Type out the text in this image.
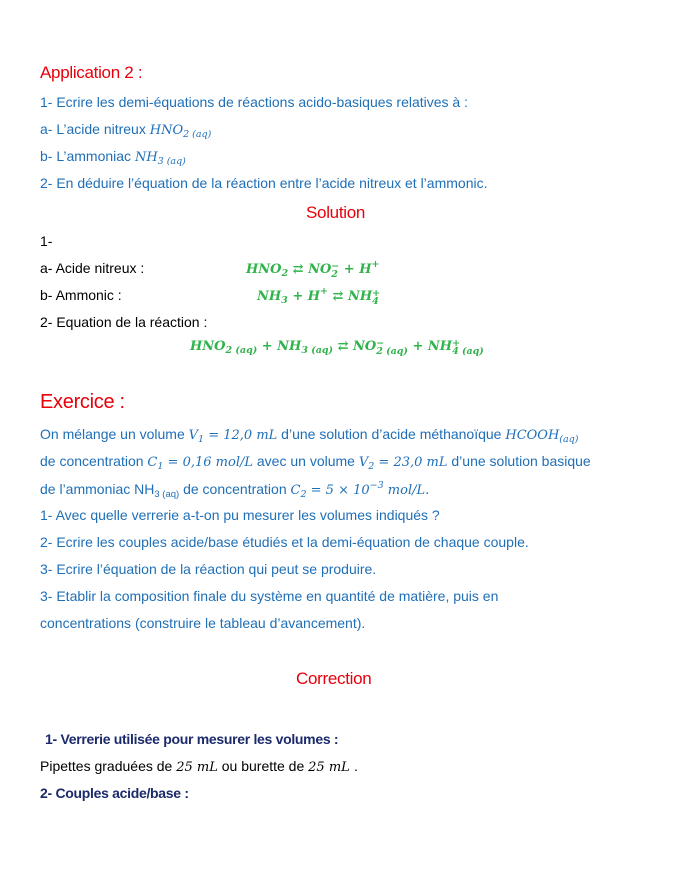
Application 2 :
1- Ecrire les demi-équations de réactions acido-basiques relatives à :
a- L’acide nitreux $HNO_{2 (aq)}$
b- L’ammoniac $NH_{3 (aq)}$
2- En déduire l’équation de la réaction entre l’acide nitreux et l’ammonic.
Solution
1-
a- Acide nitreux :	$HNO_2$ ⇄ NO −
2 + H+
b- Ammonic :	$NH_3 + H^+$ ⇄ NH +
4
2- Equation de la réaction :
$HNO_{2 (aq)} + NH_{3 (aq)}$ ⇄ NO −
2 (aq) + NH +
4 (aq)
Exercice :
On mélange un volume $V_1 = 12,0$ mL d’une solution d’acide méthanoïque $HCOOH_{(aq)}$
de concentration $C_1 = 0,16$ mol/L avec un volume $V_2 = 23,0$ mL d’une solution basique
de l’ammoniac $NH_{3 (aq)}$ de concentration $C_2 = 5 \times 10^{-3}$ mol/L.
1- Avec quelle verrerie a-t-on pu mesurer les volumes indiqués ?
2- Ecrire les couples acide/base étudiés et la demi-équation de chaque couple.
3- Ecrire l’équation de la réaction qui peut se produire.
3- Etablir la composition finale du système en quantité de matière, puis en
concentrations (construire le tableau d’avancement).
Correction
1- Verrerie utilisée pour mesurer les volumes :
Pipettes graduées de 25 mL ou burette de 25 mL .
2- Couples acide/base :
